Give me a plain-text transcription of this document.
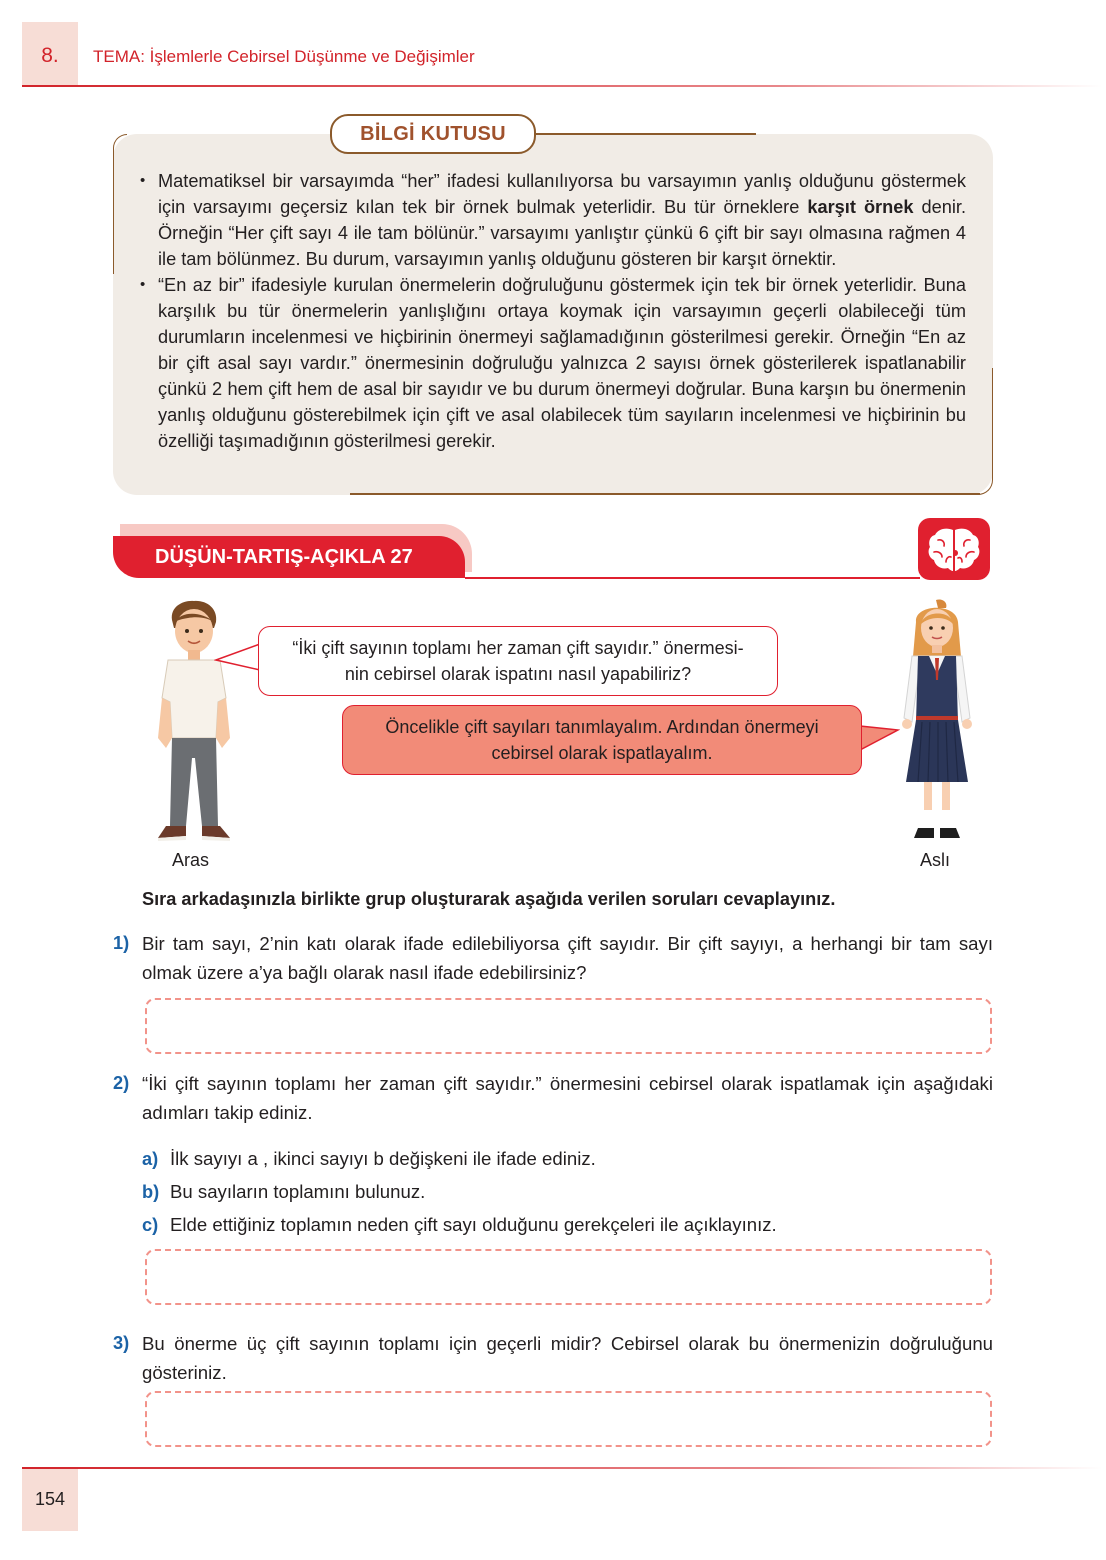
8.	TEMA: İşlemlerle Cebirsel Düşünme ve Değişimler
BİLGİ KUTUSU

• Matematiksel bir varsayımda “her” ifadesi kullanılıyorsa bu varsayımın yanlış olduğunu göstermek için varsayımı geçersiz kılan tek bir örnek bulmak yeterlidir. Bu tür örneklere karşıt örnek denir. Örneğin “Her çift sayı 4 ile tam bölünür.” varsayımı yanlıştır çünkü 6 çift bir sayı olmasına rağmen 4 ile tam bölünmez. Bu durum, varsayımın yanlış olduğunu gösteren bir karşıt örnektir.

• “En az bir” ifadesiyle kurulan önermelerin doğruluğunu göstermek için tek bir örnek yeterlidir. Buna karşılık bu tür önermelerin yanlışlığını ortaya koymak için varsayımın geçerli olabileceği tüm durumların incelenmesi ve hiçbirinin önermeyi sağlamadığının gösterilmesi gerekir. Örneğin “En az bir çift asal sayı vardır.” önermesinin doğruluğu yalnızca 2 sayısı örnek gösterilerek ispatlanabilir çünkü 2 hem çift hem de asal bir sayıdır ve bu durum önermeyi doğrular. Buna karşın bu önermenin yanlış olduğunu gösterebilmek için çift ve asal olabilecek tüm sayıların incelenmesi ve hiçbirinin bu özelliği taşımadığının gösterilmesi gerekir.

DÜŞÜN-TARTIŞ-AÇIKLA 27
Aras	Aslı
“İki çift sayının toplamı her zaman çift sayıdır.” önermesi-
nin cebirsel olarak ispatını nasıl yapabiliriz?
Öncelikle çift sayıları tanımlayalım. Ardından önermeyi
cebirsel olarak ispatlayalım.
Sıra arkadaşınızla birlikte grup oluşturarak aşağıda verilen soruları cevaplayınız.
1) Bir tam sayı, 2’nin katı olarak ifade edilebiliyorsa çift sayıdır. Bir çift sayıyı, a herhangi bir tam sayı olmak üzere a’ya bağlı olarak nasıl ifade edebilirsiniz?
2) “İki çift sayının toplamı her zaman çift sayıdır.” önermesini cebirsel olarak ispatlamak için aşağıdaki adımları takip ediniz.
a) İlk sayıyı a , ikinci sayıyı b değişkeni ile ifade ediniz.
b) Bu sayıların toplamını bulunuz.
c) Elde ettiğiniz toplamın neden çift sayı olduğunu gerekçeleri ile açıklayınız.
3) Bu önerme üç çift sayının toplamı için geçerli midir? Cebirsel olarak bu önermenizin doğruluğunu gösteriniz.
154
